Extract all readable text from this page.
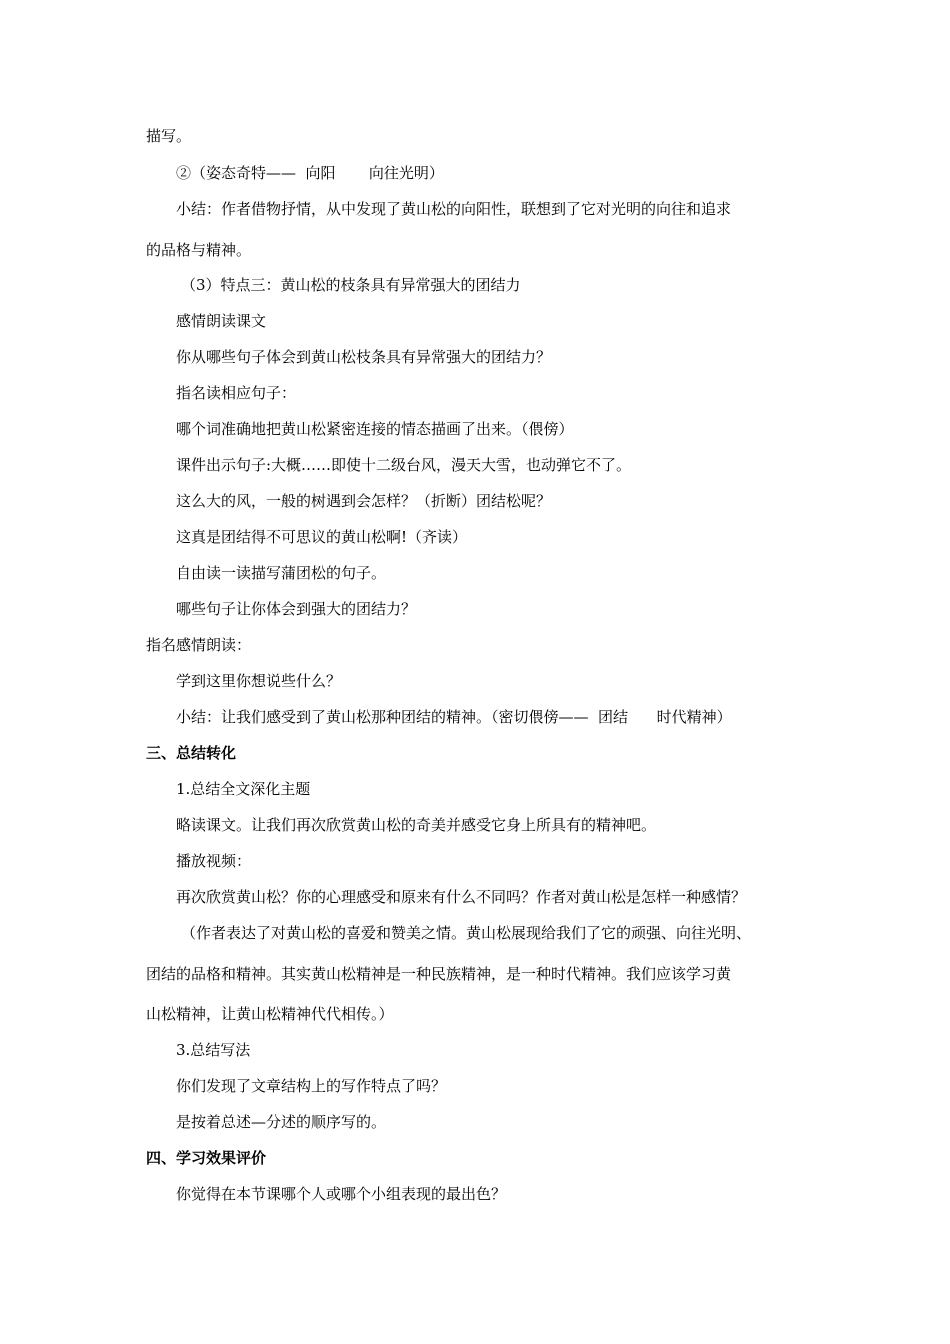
描写。
②（姿态奇特——  向阳       向往光明）
小结：作者借物抒情，从中发现了黄山松的向阳性，联想到了它对光明的向往和追求
的品格与精神。
（3）特点三：黄山松的枝条具有异常强大的团结力
感情朗读课文
你从哪些句子体会到黄山松枝条具有异常强大的团结力？
指名读相应句子：
哪个词准确地把黄山松紧密连接的情态描画了出来。（偎傍）
课件出示句子:大概……即使十二级台风，漫天大雪，也动弹它不了。
这么大的风，一般的树遇到会怎样？（折断）团结松呢？
这真是团结得不可思议的黄山松啊!（齐读）
自由读一读描写蒲团松的句子。
哪些句子让你体会到强大的团结力？
指名感情朗读：
学到这里你想说些什么？
小结：让我们感受到了黄山松那种团结的精神。（密切偎傍——  团结      时代精神）
三、总结转化
1.总结全文深化主题
略读课文。让我们再次欣赏黄山松的奇美并感受它身上所具有的精神吧。
播放视频：
再次欣赏黄山松？你的心理感受和原来有什么不同吗？作者对黄山松是怎样一种感情？
（作者表达了对黄山松的喜爱和赞美之情。黄山松展现给我们了它的顽强、向往光明、
团结的品格和精神。其实黄山松精神是一种民族精神，是一种时代精神。我们应该学习黄
山松精神，让黄山松精神代代相传。）
3.总结写法
你们发现了文章结构上的写作特点了吗？
是按着总述—分述的顺序写的。
四、学习效果评价
你觉得在本节课哪个人或哪个小组表现的最出色？
